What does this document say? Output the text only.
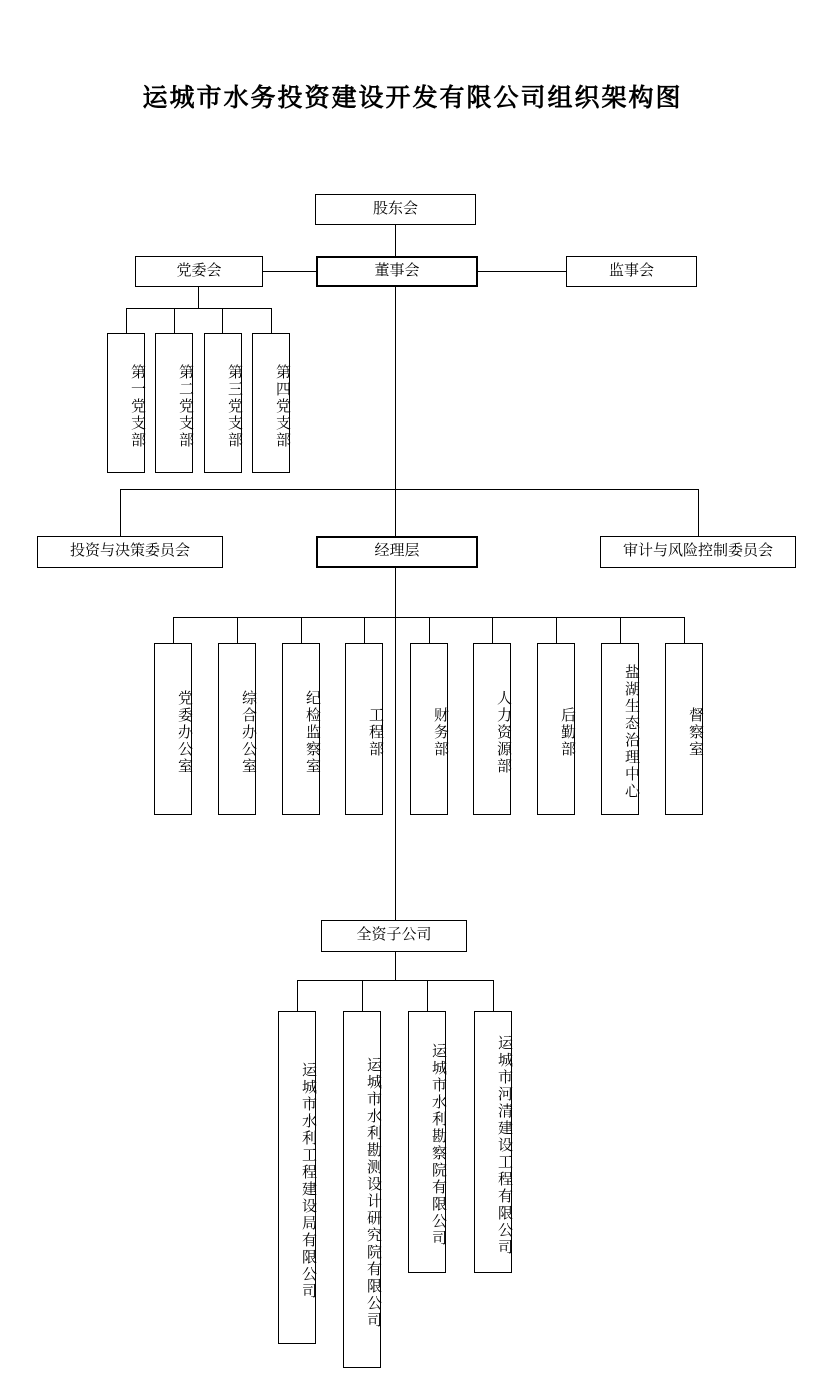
运城市水务投资建设开发有限公司组织架构图
股东会
党委会	董事会	监事会
第一党支部 第二党支部 第三党支部 第四党支部
投资与决策委员会	经理层	审计与风险控制委员会
党委办公室	综合办公室	纪检监察室	工程部	财务部	人力资源部	后勤部	盐湖生态治理中心	督察室
全资子公司
运城市水利工程建设局有限公司	运城市水利勘测设计研究院有限公司	运城市水利勘察院有限公司	运城市河清建设工程有限公司
